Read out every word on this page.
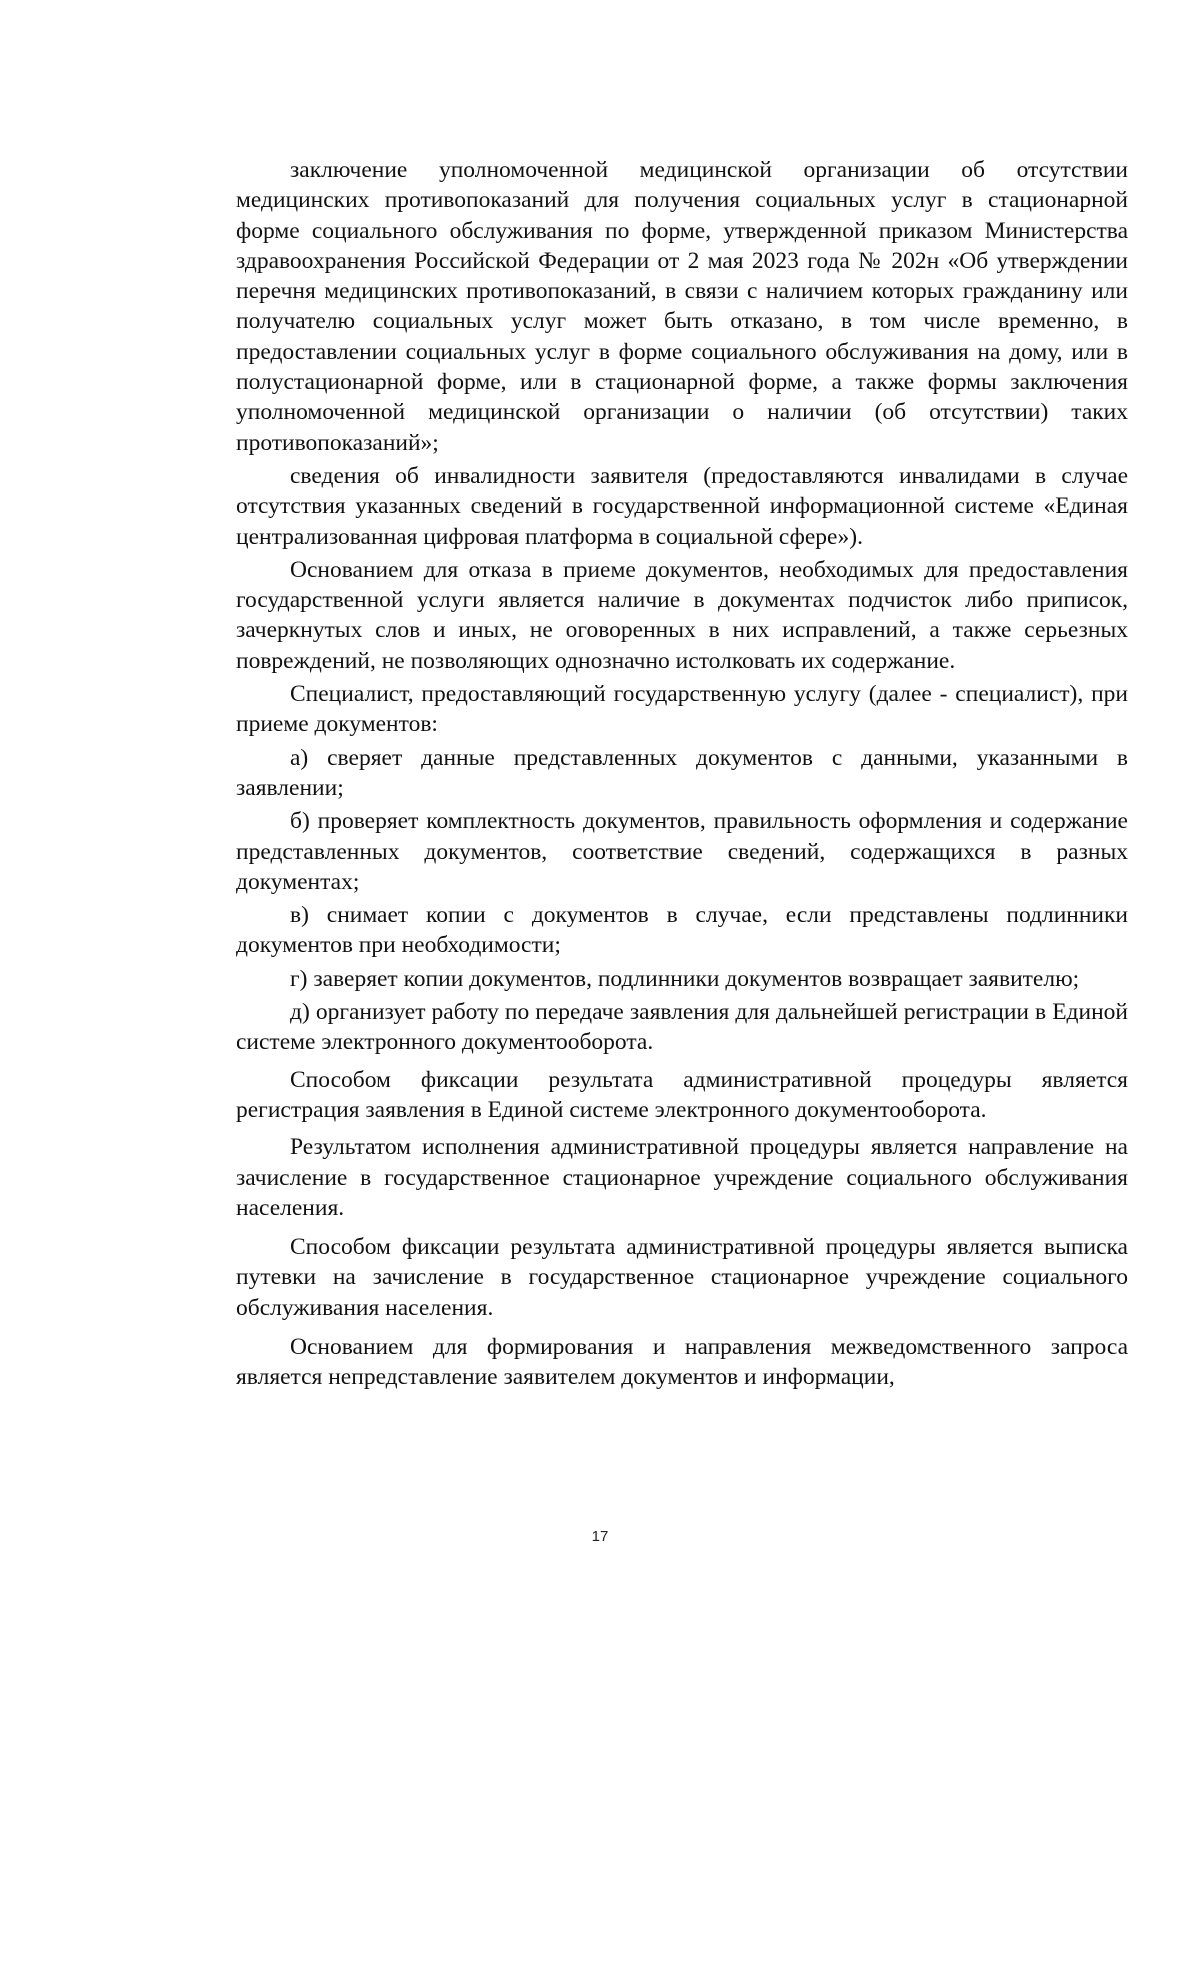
заключение уполномоченной медицинской организации об отсутствии медицинских противопоказаний для получения социальных услуг в стационарной форме социального обслуживания по форме, утвержденной приказом Министерства здравоохранения Российской Федерации от 2 мая 2023 года № 202н «Об утверждении перечня медицинских противопоказаний, в связи с наличием которых гражданину или получателю социальных услуг может быть отказано, в том числе временно, в предоставлении социальных услуг в форме социального обслуживания на дому, или в полустационарной форме, или в стационарной форме, а также формы заключения уполномоченной медицинской организации о наличии (об отсутствии) таких противопоказаний»;

сведения об инвалидности заявителя (предоставляются инвалидами в случае отсутствия указанных сведений в государственной информационной системе «Единая централизованная цифровая платформа в социальной сфере»).

Основанием для отказа в приеме документов, необходимых для предоставления государственной услуги является наличие в документах подчисток либо приписок, зачеркнутых слов и иных, не оговоренных в них исправлений, а также серьезных повреждений, не позволяющих однозначно истолковать их содержание.

Специалист, предоставляющий государственную услугу (далее - специалист), при приеме документов:

а) сверяет данные представленных документов с данными, указанными в заявлении;

б) проверяет комплектность документов, правильность оформления и содержание представленных документов, соответствие сведений, содержащихся в разных документах;

в) снимает копии с документов в случае, если представлены подлинники документов при необходимости;

г) заверяет копии документов, подлинники документов возвращает заявителю;

д) организует работу по передаче заявления для дальнейшей регистрации в Единой системе электронного документооборота.

Способом фиксации результата административной процедуры является регистрация заявления в Единой системе электронного документооборота.

Результатом исполнения административной процедуры является направление на зачисление в государственное стационарное учреждение социального обслуживания населения.

Способом фиксации результата административной процедуры является выписка путевки на зачисление в государственное стационарное учреждение социального обслуживания населения.

Основанием для формирования и направления межведомственного запроса является непредставление заявителем документов и информации,

17
